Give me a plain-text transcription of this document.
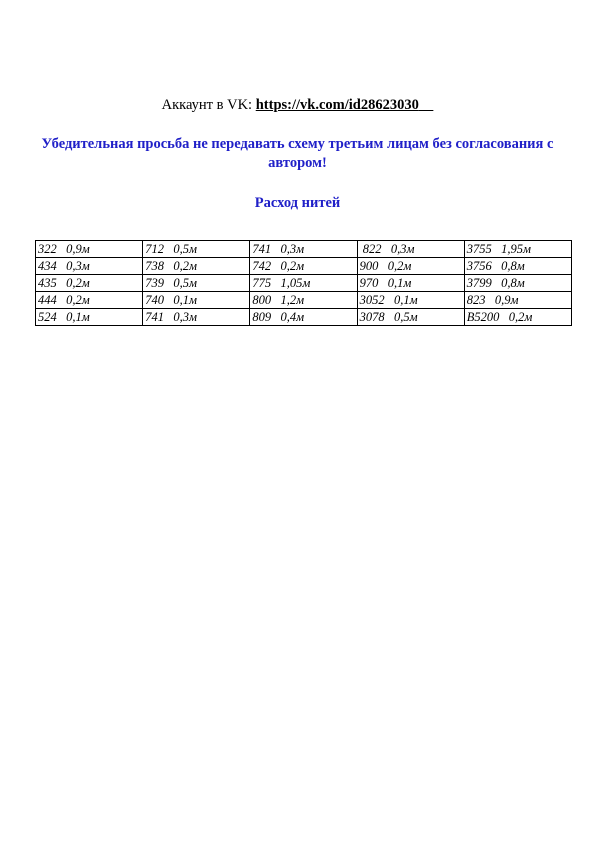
Аккаунт в VK: https://vk.com/id28623030
Убедительная просьба не передавать схему третьим лицам без согласования с автором!
Расход нитей
322   0,9м	712   0,5м	741   0,3м	822   0,3м	3755   1,95м
434   0,3м	738   0,2м	742   0,2м	900   0,2м	3756   0,8м
435   0,2м	739   0,5м	775   1,05м	970   0,1м	3799   0,8м
444   0,2м	740   0,1м	800   1,2м	3052   0,1м	823   0,9м
524   0,1м	741   0,3м	809   0,4м	3078   0,5м	B5200   0,2м
